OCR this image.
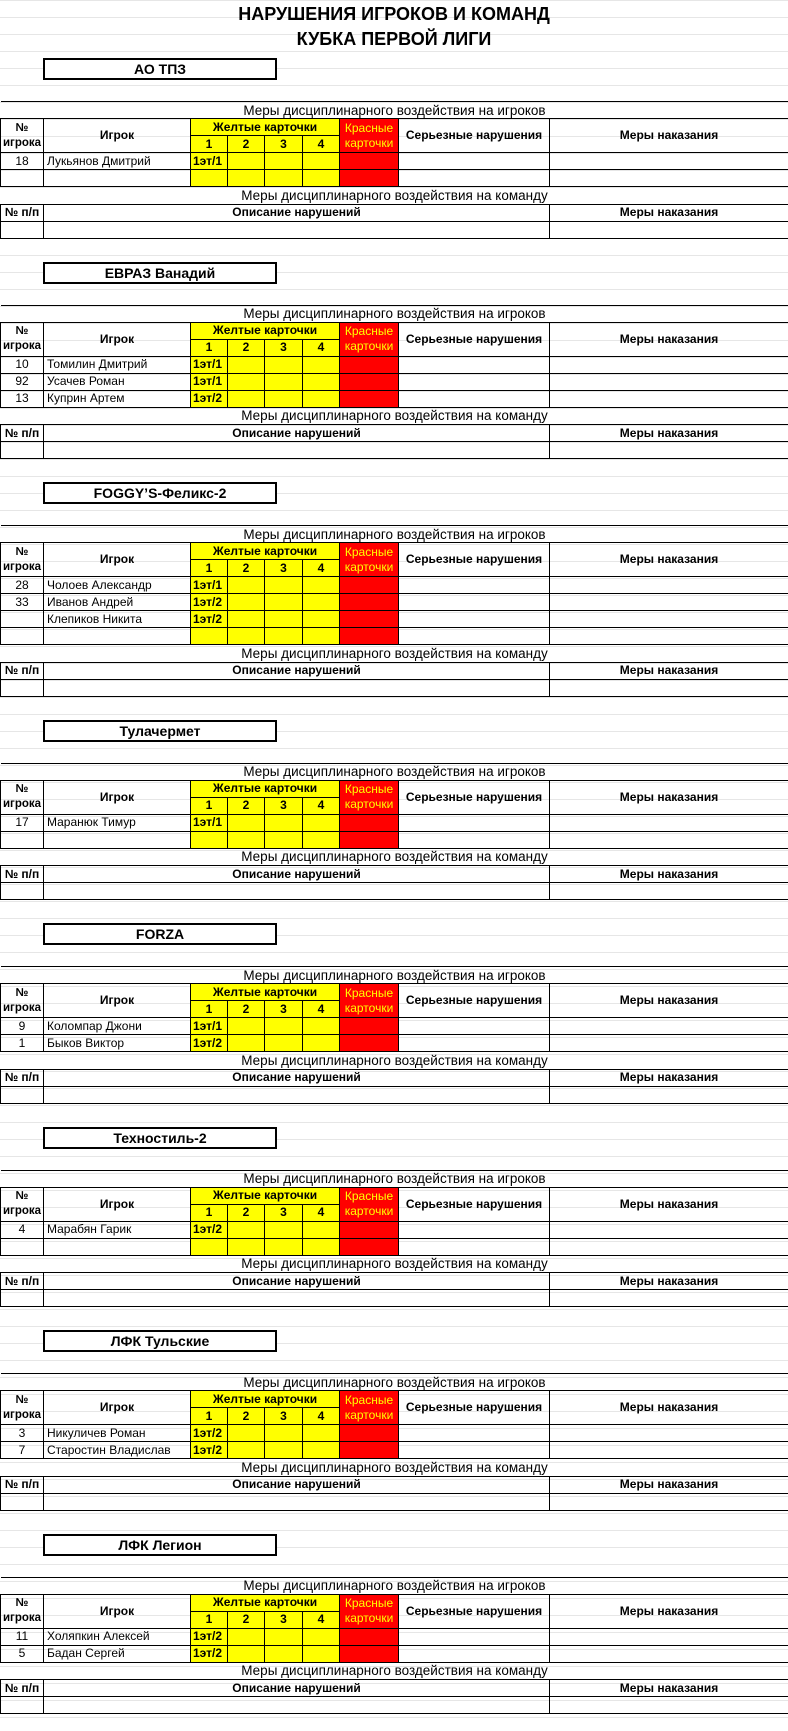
НАРУШЕНИЯ ИГРОКОВ И КОМАНД
КУБКА ПЕРВОЙ ЛИГИ
АО ТПЗ
Меры дисциплинарного воздействия на игроков								
№
игрока	Игрок	Желтые карточки				Красные
карточки	Серьезные нарушения	Меры наказания
		1	2	3	4			
18	Лукьянов Дмитрий	1эт/1						

Меры дисциплинарного воздействия на команду		
№ п/п	Описание нарушений	Меры наказания

ЕВРАЗ Ванадий
Меры дисциплинарного воздействия на игроков								
№
игрока	Игрок	Желтые карточки				Красные
карточки	Серьезные нарушения	Меры наказания
		1	2	3	4			
10	Томилин Дмитрий	1эт/1						
92	Усачев Роман	1эт/1						
13	Куприн Артем	1эт/2						
Меры дисциплинарного воздействия на команду		
№ п/п	Описание нарушений	Меры наказания

FOGGY’S-Феликс-2
Меры дисциплинарного воздействия на игроков								
№
игрока	Игрок	Желтые карточки				Красные
карточки	Серьезные нарушения	Меры наказания
		1	2	3	4			
28	Чолоев Александр	1эт/1						
33	Иванов Андрей	1эт/2						
	Клепиков Никита	1эт/2						

Меры дисциплинарного воздействия на команду		
№ п/п	Описание нарушений	Меры наказания

Тулачермет
Меры дисциплинарного воздействия на игроков								
№
игрока	Игрок	Желтые карточки				Красные
карточки	Серьезные нарушения	Меры наказания
		1	2	3	4			
17	Маранюк Тимур	1эт/1						

Меры дисциплинарного воздействия на команду		
№ п/п	Описание нарушений	Меры наказания

FORZA
Меры дисциплинарного воздействия на игроков								
№
игрока	Игрок	Желтые карточки				Красные
карточки	Серьезные нарушения	Меры наказания
		1	2	3	4			
9	Коломпар Джони	1эт/1						
1	Быков Виктор	1эт/2						
Меры дисциплинарного воздействия на команду		
№ п/п	Описание нарушений	Меры наказания

Техностиль-2
Меры дисциплинарного воздействия на игроков								
№
игрока	Игрок	Желтые карточки				Красные
карточки	Серьезные нарушения	Меры наказания
		1	2	3	4			
4	Марабян Гарик	1эт/2						

Меры дисциплинарного воздействия на команду		
№ п/п	Описание нарушений	Меры наказания

ЛФК Тульские
Меры дисциплинарного воздействия на игроков								
№
игрока	Игрок	Желтые карточки				Красные
карточки	Серьезные нарушения	Меры наказания
		1	2	3	4			
3	Никуличев Роман	1эт/2						
7	Старостин Владислав	1эт/2						
Меры дисциплинарного воздействия на команду		
№ п/п	Описание нарушений	Меры наказания

ЛФК Легион
Меры дисциплинарного воздействия на игроков								
№
игрока	Игрок	Желтые карточки				Красные
карточки	Серьезные нарушения	Меры наказания
		1	2	3	4			
11	Холяпкин Алексей	1эт/2						
5	Бадан Сергей	1эт/2						
Меры дисциплинарного воздействия на команду		
№ п/п	Описание нарушений	Меры наказания
